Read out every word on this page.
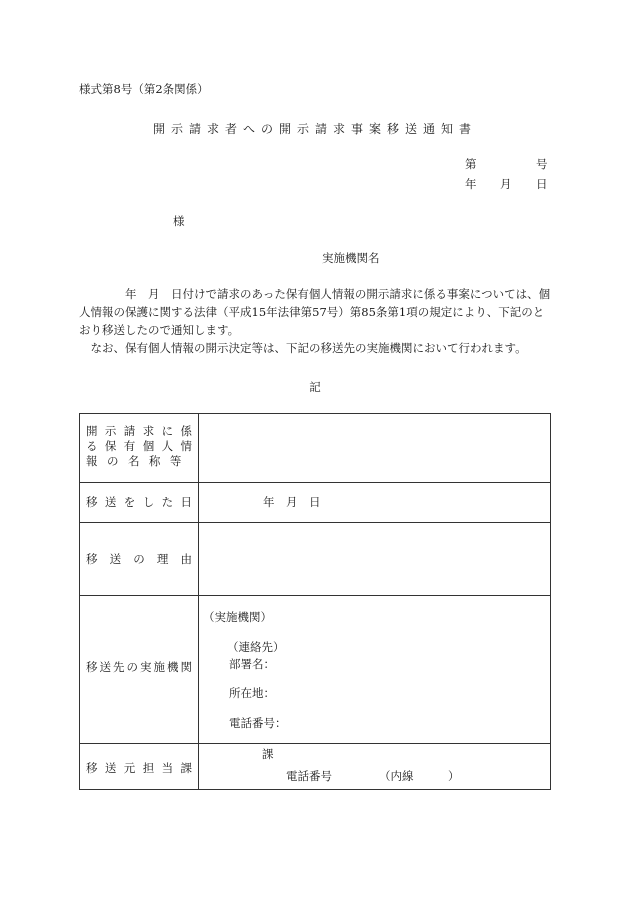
様式第8号（第2条関係）
開示請求者への開示請求事案移送通知書
第	号
年 月 日
様
実施機関名

　　　　年　月　日付けで請求のあった保有個人情報の開示請求に係る事案については、個人情報の保護に関する法律（平成15年法律第57号）第85条第1項の規定により、下記のとおり移送したので通知します。

　なお、保有個人情報の開示決定等は、下記の移送先の実施機関において行われます。

記
開示請求に係
る保有個人情
報の名称等	

移送をした日	年　月　日

移送の理由	

移送先の実施機関	（実施機関）
（連絡先）
部署名：
所在地：
電話番号：

移送元担当課	課
電話番号 （内線　　　）
